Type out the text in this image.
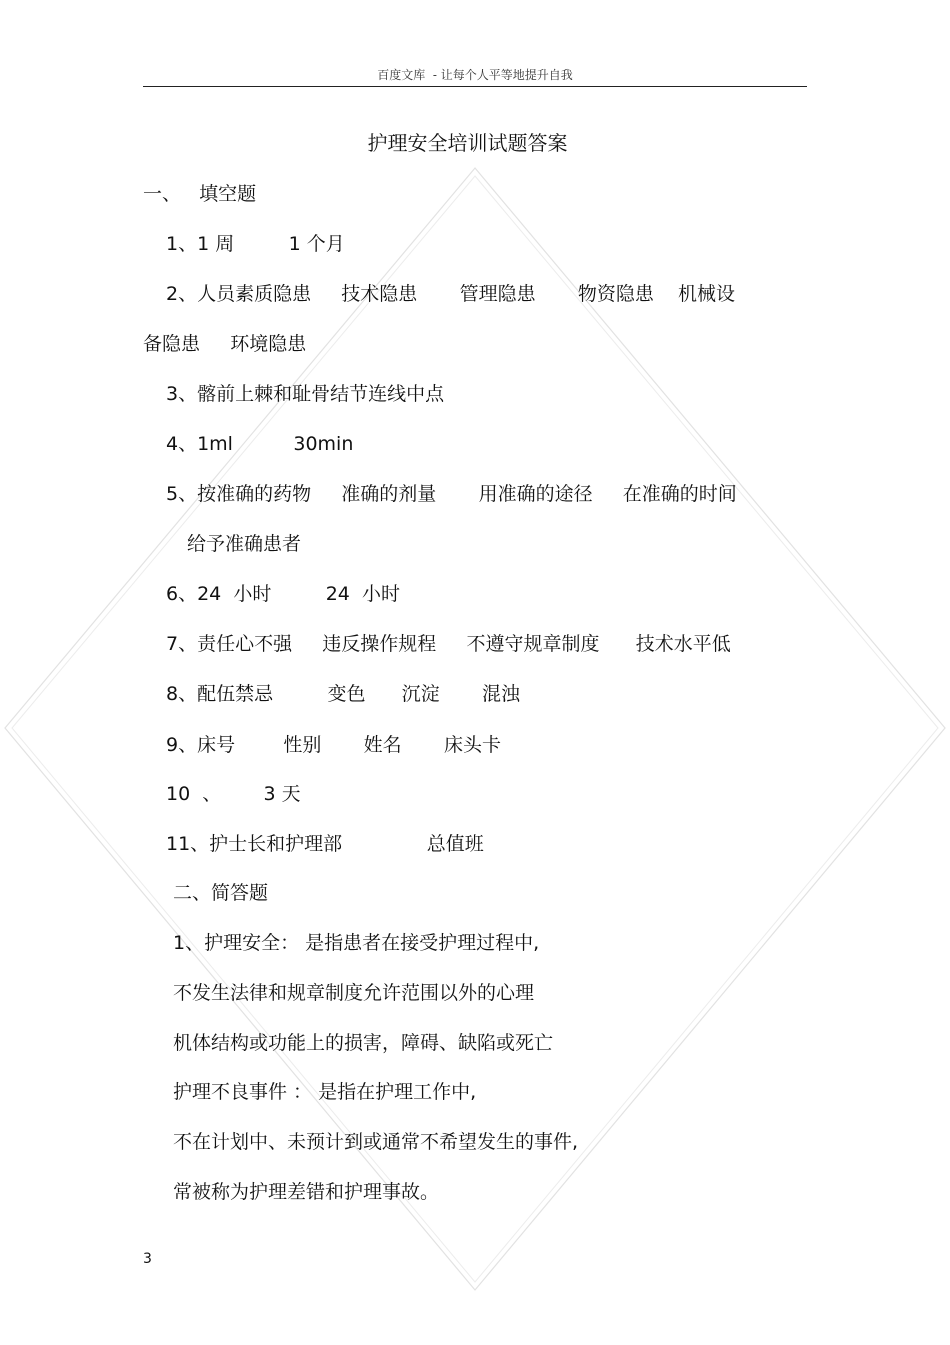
百度文库  - 让每个人平等地提升自我
护理安全培训试题答案
一、   填空题
1、1 周         1 个月
2、人员素质隐患     技术隐患       管理隐患       物资隐患    机械设
备隐患     环境隐患
3、髂前上棘和耻骨结节连线中点
4、1ml          30min
5、按准确的药物     准确的剂量       用准确的途径     在准确的时间
给予准确患者
6、24  小时         24  小时
7、责任心不强     违反操作规程     不遵守规章制度      技术水平低
8、配伍禁忌         变色      沉淀       混浊
9、床号        性别       姓名       床头卡
10  、       3 天
11、护士长和护理部              总值班
二、简答题
1、护理安全： 是指患者在接受护理过程中,
不发生法律和规章制度允许范围以外的心理
机体结构或功能上的损害，障碍、缺陷或死亡
护理不良事件 ： 是指在护理工作中,
不在计划中、未预计到或通常不希望发生的事件,
常被称为护理差错和护理事故。
3
